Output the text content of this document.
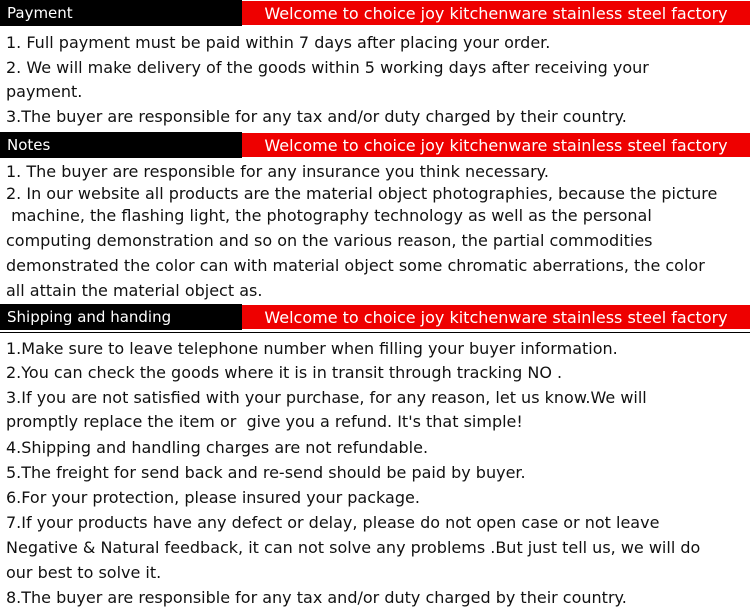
Payment	Welcome to choice joy kitchenware stainless steel factory
1. Full payment must be paid within 7 days after placing your order.
2. We will make delivery of the goods within 5 working days after receiving your
payment.
3.The buyer are responsible for any tax and/or duty charged by their country.
Notes	Welcome to choice joy kitchenware stainless steel factory
1. The buyer are responsible for any insurance you think necessary.
2. In our website all products are the material object photographies, because the picture
machine, the flashing light, the photography technology as well as the personal
computing demonstration and so on the various reason, the partial commodities
demonstrated the color can with material object some chromatic aberrations, the color
all attain the material object as.
Shipping and handing	Welcome to choice joy kitchenware stainless steel factory
1.Make sure to leave telephone number when filling your buyer information.
2.You can check the goods where it is in transit through tracking NO .
3.If you are not satisfied with your purchase, for any reason, let us know.We will
promptly replace the item or  give you a refund. It's that simple!
4.Shipping and handling charges are not refundable.
5.The freight for send back and re-send should be paid by buyer.
6.For your protection, please insured your package.
7.If your products have any defect or delay, please do not open case or not leave
Negative & Natural feedback, it can not solve any problems .But just tell us, we will do
our best to solve it.
8.The buyer are responsible for any tax and/or duty charged by their country.
